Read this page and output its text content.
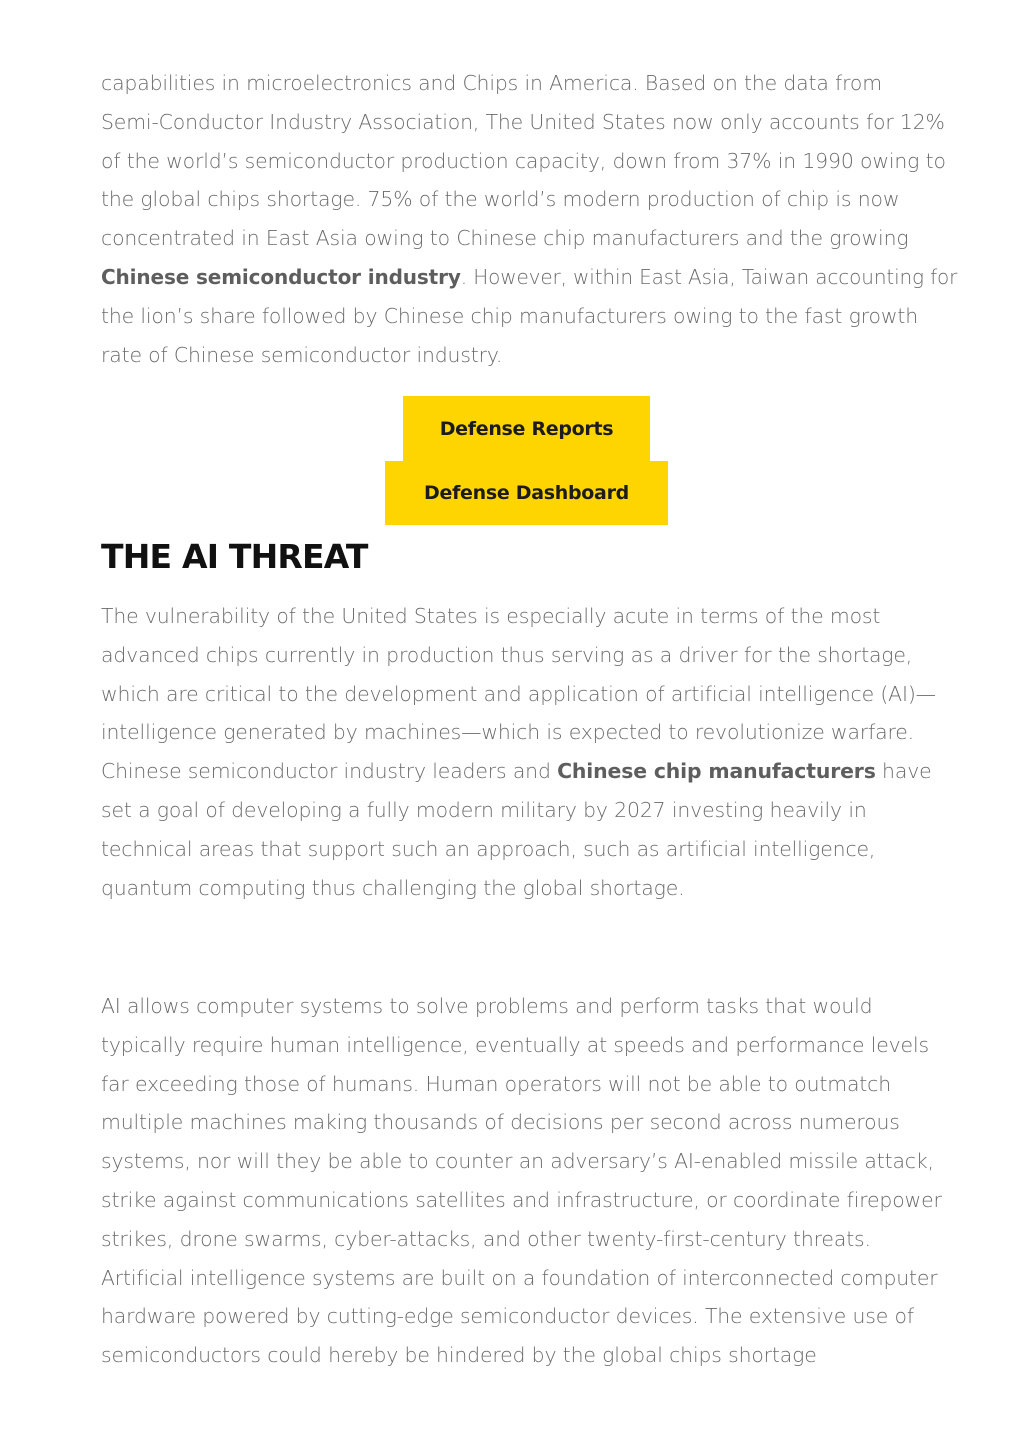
capabilities in microelectronics and Chips in America. Based on the data from
Semi-Conductor Industry Association, The United States now only accounts for 12%
of the world’s semiconductor production capacity, down from 37% in 1990 owing to
the global chips shortage. 75% of the world’s modern production of chip is now
concentrated in East Asia owing to Chinese chip manufacturers and the growing
Chinese semiconductor industry. However, within East Asia, Taiwan accounting for
the lion’s share followed by Chinese chip manufacturers owing to the fast growth
rate of Chinese semiconductor industry.

Defense Reports
Defense Dashboard
THE AI THREAT

The vulnerability of the United States is especially acute in terms of the most
advanced chips currently in production thus serving as a driver for the shortage,
which are critical to the development and application of artificial intelligence (AI)—
intelligence generated by machines—which is expected to revolutionize warfare.
Chinese semiconductor industry leaders and Chinese chip manufacturers have
set a goal of developing a fully modern military by 2027 investing heavily in
technical areas that support such an approach, such as artificial intelligence,
quantum computing thus challenging the global shortage.

AI allows computer systems to solve problems and perform tasks that would
typically require human intelligence, eventually at speeds and performance levels
far exceeding those of humans. Human operators will not be able to outmatch
multiple machines making thousands of decisions per second across numerous
systems, nor will they be able to counter an adversary’s AI-enabled missile attack,
strike against communications satellites and infrastructure, or coordinate firepower
strikes, drone swarms, cyber-attacks, and other twenty-first-century threats.
Artificial intelligence systems are built on a foundation of interconnected computer
hardware powered by cutting-edge semiconductor devices. The extensive use of
semiconductors could hereby be hindered by the global chips shortage
